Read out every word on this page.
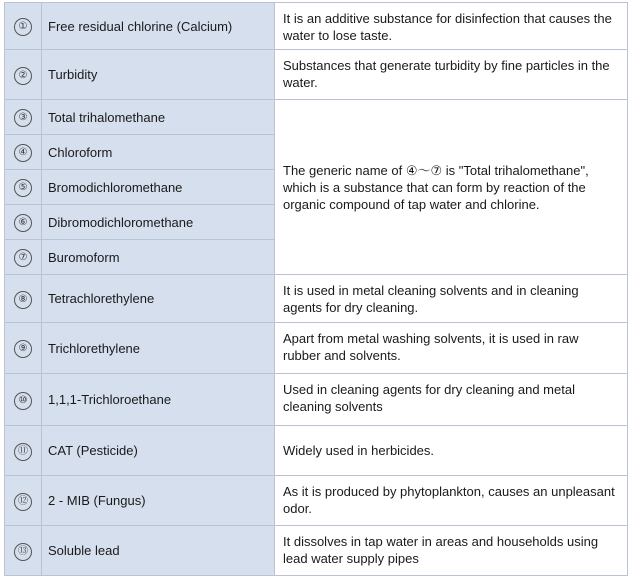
①	Free residual chlorine (Calcium)	It is an additive substance for disinfection that causes the water to lose taste.
②	Turbidity	Substances that generate turbidity by fine particles in the water.
③	Total trihalomethane	The generic name of ④～⑦ is "Total trihalomethane", which is a substance that can form by reaction of the organic compound of tap water and chlorine.
④	Chloroform	
⑤	Bromodichloromethane	
⑥	Dibromodichloromethane	
⑦	Buromoform	
⑧	Tetrachlorethylene	It is used in metal cleaning solvents and in cleaning agents for dry cleaning.
⑨	Trichlorethylene	Apart from metal washing solvents, it is used in raw rubber and solvents.
⑩	1,1,1-Trichloroethane	Used in cleaning agents for dry cleaning and metal cleaning solvents
⑪	CAT (Pesticide)	Widely used in herbicides.
⑫	2 - MIB (Fungus)	As it is produced by phytoplankton, causes an unpleasant odor.
⑬	Soluble lead	It dissolves in tap water in areas and households using lead water supply pipes
